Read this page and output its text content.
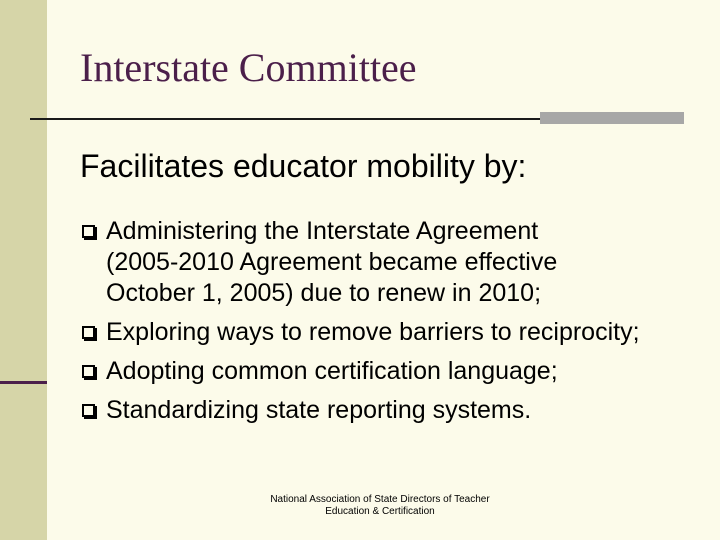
Interstate Committee
Facilitates educator mobility by:
Administering the Interstate Agreement
(2005-2010 Agreement became effective
October 1, 2005) due to renew in 2010;
Exploring ways to remove barriers to reciprocity;
Adopting common certification language;
Standardizing state reporting systems.
National Association of State Directors of Teacher
Education & Certification
